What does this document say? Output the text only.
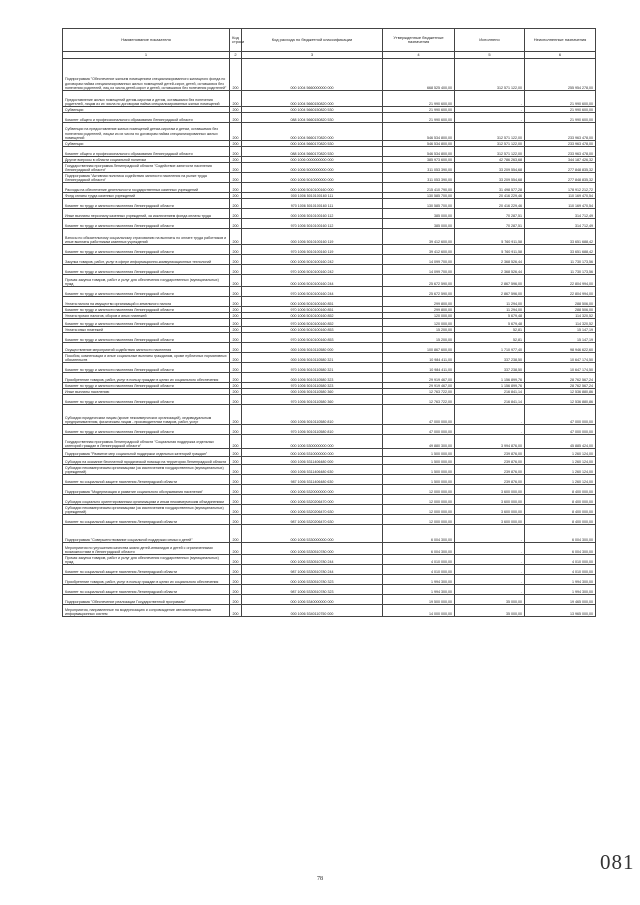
Наименование показателя	Код строки	Код расхода по бюджетной классификации	Утвержденные бюджетные назначения	Исполнено	Неисполненные назначения
1	2	3	4	5	6
Подпрограмма "Обеспечение жильем помещением специализированного жилищного фонда по договорам найма специализированных жилых помещений детей-сирот, детей, оставшихся без попечения родителей, лиц из числа детей-сирот и детей, оставшихся без попечения родителей"	200	000 1004 5660000000 000	668 525 400,00	312 571 122,00	255 954 278,00
Предоставление жилых помещений детям-сиротам и детям, оставшимся без попечения родителей, лицам из их числа по договорам найма специализированных жилых помещений	200	000 1004 5660150820 000	21 990 600,00	-	21 990 600,00
Субвенции	200	000 1004 5660150820 530	21 990 600,00	-	21 990 600,00
Комитет общего и профессионального образования Ленинградской области	200	088 1004 5660150820 530	21 990 600,00	-	21 990 600,00
Субвенции на предоставление жилых помещений детям-сиротам и детям, оставшимся без попечения родителей, лицам из их числа по договорам найма специализированных жилых помещений	200	000 1004 5660170820 000	546 534 800,00	312 571 122,00	233 963 478,00
Субвенции	200	000 1004 5660170820 530	546 534 800,00	312 571 122,00	233 963 478,00
Комитет общего и профессионального образования Ленинградской области	200	088 1004 5660170820 530	546 534 800,00	312 571 122,00	233 963 478,00
Другие вопросы в области социальной политики	200	000 1006 0000000000 000	385 973 600,00	42 786 263,68	344 187 426,32
Государственная программа Ленинградской области "Содействие занятости населения Ленинградской области"	200	000 1006 5000000000 000	311 053 390,00	33 209 554,68	277 848 835,32
Подпрограмма "Активная политика содействия занятости населения на рынке труда Ленинградской области"	200	000 1006 5010000000 000	311 053 390,00	33 209 554,68	277 848 835,32
Расходы на обеспечение деятельности государственных казенных учреждений	200	000 1006 5010100160 000	215 410 790,00	31 498 577,28	178 912 212,72
Фонд оплаты труда казенных учреждений	200	000 1006 5010100160 111	130 585 700,00	20 416 229,46	110 169 470,54
Комитет по труду и занятости населения Ленинградской области	200	970 1006 5010100160 111	130 585 700,00	20 416 229,46	110 169 470,54
Иные выплаты персоналу казенных учреждений, за исключением фонда оплаты труда	200	000 1006 5010100160 112	385 000,00	70 287,51	314 712,49
Комитет по труду и занятости населения Ленинградской области	200	970 1006 5010100160 112	385 000,00	70 287,51	314 712,49
Взносы по обязательному социальному страхованию на выплаты по оплате труда работников и иные выплаты работникам казенных учреждений	200	000 1006 5010100160 119	39 412 600,00	5 760 911,58	33 651 688,42
Комитет по труду и занятости населения Ленинградской области	200	970 1006 5010100160 119	39 412 600,00	5 760 911,58	33 651 688,42
Закупка товаров, работ, услуг в сфере информационно-коммуникационных технологий	200	000 1006 5010100160 242	14 099 700,00	2 368 526,44	11 730 173,56
Комитет по труду и занятости населения Ленинградской области	200	970 1006 5010100160 242	14 099 700,00	2 368 526,44	11 730 173,56
Прочая закупка товаров, работ и услуг для обеспечения государственных (муниципальных) нужд	200	000 1006 5010100160 244	25 672 590,00	2 867 596,00	22 804 994,00
Комитет по труду и занятости населения Ленинградской области	200	970 1006 5010100160 244	25 672 590,00	2 867 596,00	22 804 994,00
Уплата налога на имущество организаций и земельного налога	200	000 1006 5010100160 851	299 800,00	11 294,00	288 506,00
Комитет по труду и занятости населения Ленинградской области	200	970 1006 5010100160 851	299 800,00	11 294,00	288 506,00
Уплата прочих налогов, сборов и иных платежей	200	000 1006 5010100160 852	120 000,00	5 679,48	114 320,52
Комитет по труду и занятости населения Ленинградской области	200	970 1006 5010100160 852	120 000,00	5 679,48	114 320,52
Уплата иных платежей	200	000 1006 5010100160 853	15 200,00	52,81	15 147,19
Комитет по труду и занятости населения Ленинградской области	200	970 1006 5010100160 853	15 200,00	52,81	15 147,19
Осуществление мероприятий содействия занятости населения	200	000 1006 5010110580 000	100 867 600,00	1 710 977,40	98 946 622,60
Пособия, компенсации и иные социальные выплаты гражданам, кроме публичных нормативных обязательств	200	000 1006 5010110580 321	10 984 411,00	337 238,50	10 647 174,50
Комитет по труду и занятости населения Ленинградской области	200	970 1006 5010110580 321	10 984 411,00	337 238,50	10 647 174,50
Приобретение товаров, работ, услуг в пользу граждан в целях их социального обеспечения	200	000 1006 5010110580 323	29 919 467,00	1 156 899,76	28 762 567,24
Комитет по труду и занятости населения Ленинградской области	200	970 1006 5010110580 323	29 919 467,00	1 156 899,76	28 762 567,24
Иные выплаты населению	200	000 1006 5010110580 360	12 763 722,00	216 841,14	12 536 880,86
Комитет по труду и занятости населения Ленинградской области	200	970 1006 5010110580 360	12 763 722,00	216 841,14	12 536 880,86
Субсидии юридическим лицам (кроме некоммерческих организаций), индивидуальным предпринимателям, физическим лицам - производителям товаров, работ, услуг	200	000 1006 5010110580 810	47 000 000,00	-	47 000 000,00
Комитет по труду и занятости населения Ленинградской области	200	970 1006 5010110580 810	47 000 000,00	-	47 000 000,00
Государственная программа Ленинградской области "Социальная поддержка отдельных категорий граждан в Ленинградской области"	200	000 1006 5300000000 000	49 880 300,00	3 994 876,00	45 885 424,00
Подпрограмма "Развитие мер социальной поддержки отдельных категорий граждан"	200	000 1006 5310000000 000	1 500 000,00	239 876,00	1 260 124,00
Субсидия на оказание бесплатной юридической помощи на территории Ленинградской области	200	000 1006 5311406480 000	1 500 000,00	239 876,00	1 260 124,00
Субсидии некоммерческим организациям (за исключением государственных (муниципальных) учреждений)	200	000 1006 5311406480 630	1 500 000,00	239 876,00	1 260 124,00
Комитет по социальной защите населения Ленинградской области	200	987 1006 5311406480 630	1 500 000,00	239 876,00	1 260 124,00
Подпрограмма "Модернизация и развитие социального обслуживания населения"	200	000 1006 5320000000 000	12 000 000,00	3 600 000,00	8 400 000,00
Субсидия социально ориентированным организациям и иным некоммерческим объединениям	200	000 1006 5320206470 000	12 000 000,00	3 600 000,00	8 400 000,00
Субсидии некоммерческим организациям (за исключением государственных (муниципальных) учреждений)	200	000 1006 5320206470 630	12 000 000,00	3 600 000,00	8 400 000,00
Комитет по социальной защите населения Ленинградской области	200	987 1006 5320206470 630	12 000 000,00	3 600 000,00	8 400 000,00
Подпрограмма "Совершенствование социальной поддержки семьи и детей"	200	000 1006 5330000000 000	6 004 300,00	-	6 004 300,00
Мероприятия по улучшению качества жизни детей-инвалидов и детей с ограниченными возможностями в Ленинградской области	200	000 1006 5330510780 000	6 004 300,00	-	6 004 300,00
Прочая закупка товаров, работ и услуг для обеспечения государственных (муниципальных) нужд	200	000 1006 5330510780 244	4 010 000,00	-	4 010 000,00
Комитет по социальной защите населения Ленинградской области	200	987 1006 5330510780 244	4 010 000,00	-	4 010 000,00
Приобретение товаров, работ, услуг в пользу граждан в целях их социального обеспечения	200	000 1006 5330510780 323	1 994 300,00	-	1 994 300,00
Комитет по социальной защите населения Ленинградской области	200	987 1006 5330510780 323	1 994 300,00	-	1 994 300,00
Подпрограмма "Обеспечение реализации Государственной программы"	200	000 1006 5340000000 000	19 500 000,00	35 000,00	19 465 000,00
Мероприятия, направленные на модернизацию и сопровождение автоматизированных информационных систем	200	000 1006 5340110750 000	14 000 000,00	35 000,00	13 965 000,00
78
081
